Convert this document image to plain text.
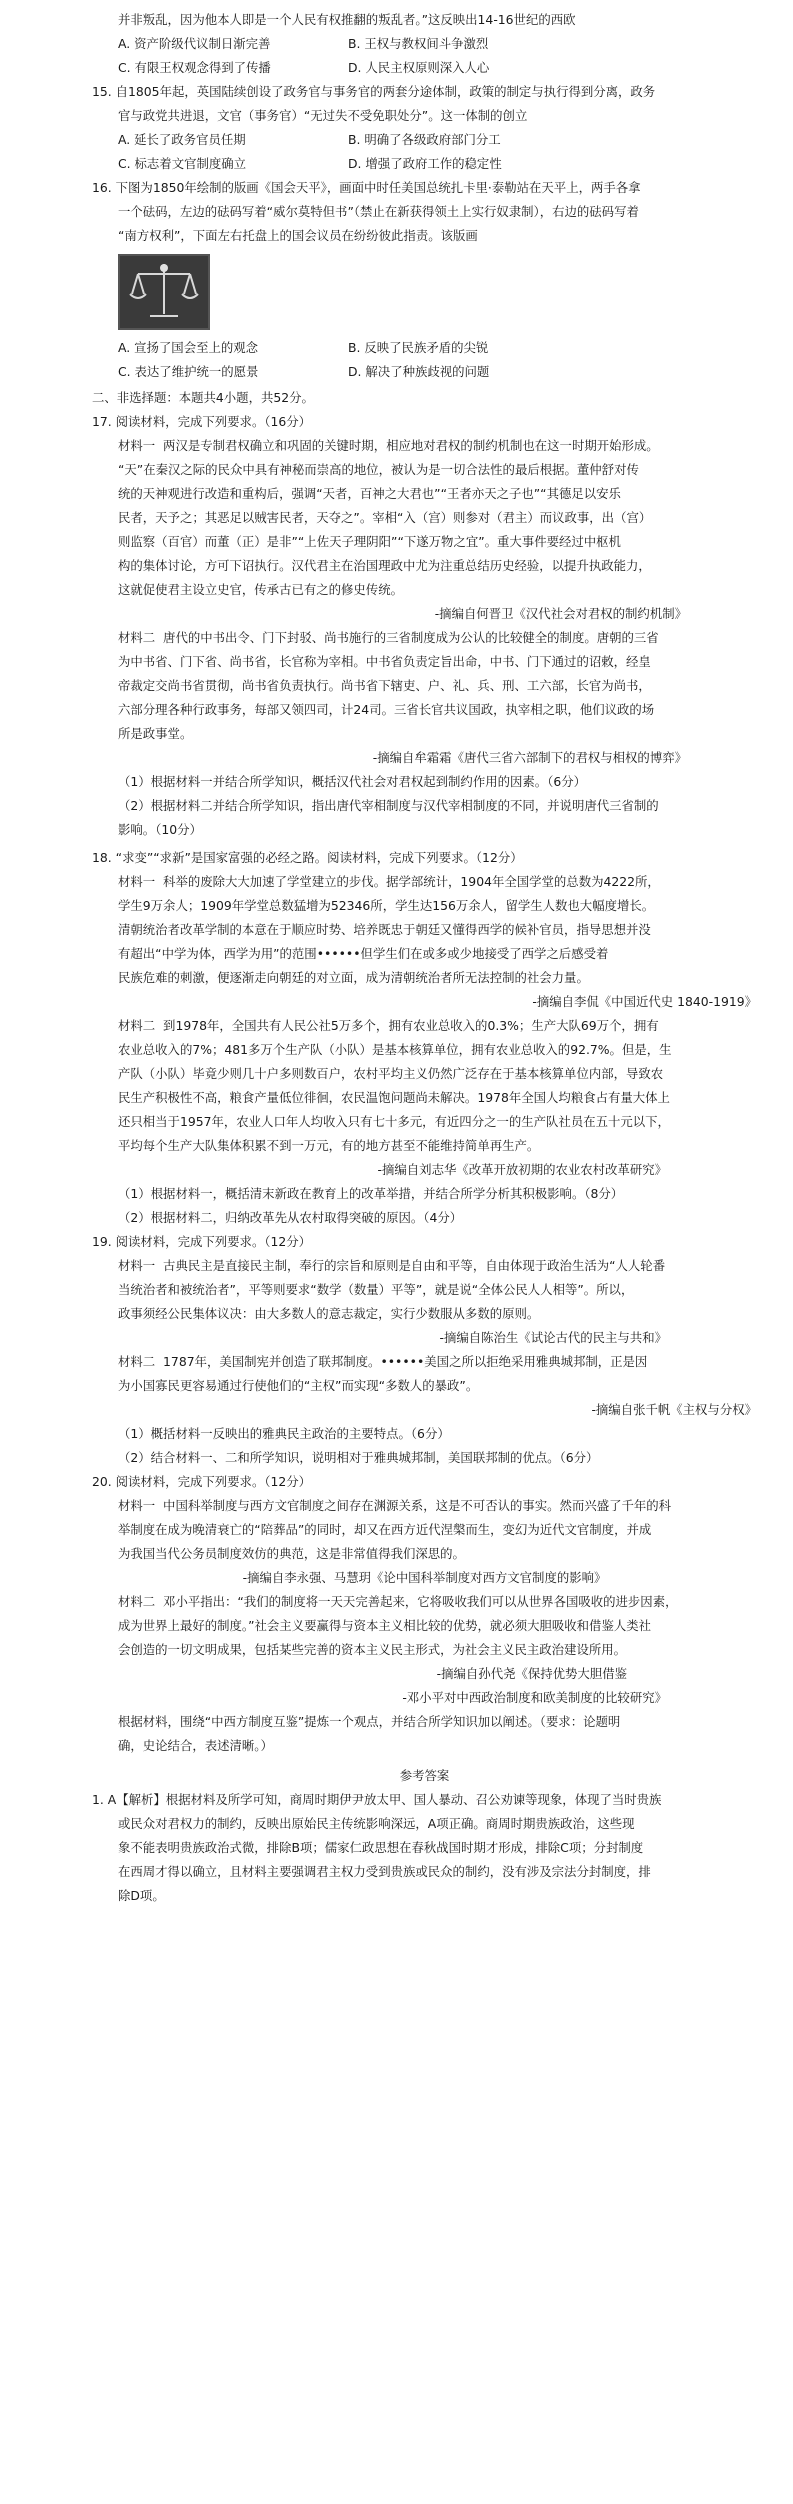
并非叛乱，因为他本人即是一个人民有权推翻的叛乱者。”这反映出14-16世纪的西欧

A. 资产阶级代议制日渐完善	B. 王权与教权间斗争激烈
C. 有限王权观念得到了传播	D. 人民主权原则深入人心

15. 自1805年起，英国陆续创设了政务官与事务官的两套分途体制，政策的制定与执行得到分离，政务

官与政党共进退，文官（事务官）“无过失不受免职处分”。这一体制的创立

A. 延长了政务官员任期	B. 明确了各级政府部门分工
C. 标志着文官制度确立	D. 增强了政府工作的稳定性

16. 下图为1850年绘制的版画《国会天平》，画面中时任美国总统扎卡里·泰勒站在天平上，两手各拿

一个砝码，左边的砝码写着“威尔莫特但书”（禁止在新获得领土上实行奴隶制），右边的砝码写着

“南方权利”，下面左右托盘上的国会议员在纷纷彼此指责。该版画

A. 宣扬了国会至上的观念	B. 反映了民族矛盾的尖锐
C. 表达了维护统一的愿景	D. 解决了种族歧视的问题

二、非选择题：本题共4小题，共52分。

17. 阅读材料，完成下列要求。（16分）

材料一  两汉是专制君权确立和巩固的关键时期，相应地对君权的制约机制也在这一时期开始形成。

“天”在秦汉之际的民众中具有神秘而崇高的地位，被认为是一切合法性的最后根据。董仲舒对传

统的天神观进行改造和重构后，强调“天者，百神之大君也”“王者亦天之子也”“其德足以安乐

民者，天予之；其恶足以贼害民者，天夺之”。宰相“入（宫）则参对（君主）而议政事，出（宫）

则监察（百官）而董（正）是非”“上佐天子理阴阳”“下遂万物之宜”。重大事件要经过中枢机

构的集体讨论，方可下诏执行。汉代君主在治国理政中尤为注重总结历史经验，以提升执政能力，

这就促使君主设立史官，传承古已有之的修史传统。

-摘编自何晋卫《汉代社会对君权的制约机制》

材料二  唐代的中书出令、门下封驳、尚书施行的三省制度成为公认的比较健全的制度。唐朝的三省

为中书省、门下省、尚书省，长官称为宰相。中书省负责定旨出命，中书、门下通过的诏敕，经皇

帝裁定交尚书省贯彻，尚书省负责执行。尚书省下辖吏、户、礼、兵、刑、工六部，长官为尚书，

六部分理各种行政事务，每部又领四司，计24司。三省长官共议国政，执宰相之职，他们议政的场

所是政事堂。

-摘编自牟霜霜《唐代三省六部制下的君权与相权的博弈》

（1）根据材料一并结合所学知识，概括汉代社会对君权起到制约作用的因素。（6分）

（2）根据材料二并结合所学知识，指出唐代宰相制度与汉代宰相制度的不同，并说明唐代三省制的

影响。（10分）

18. “求变”“求新”是国家富强的必经之路。阅读材料，完成下列要求。（12分）

材料一  科举的废除大大加速了学堂建立的步伐。据学部统计，1904年全国学堂的总数为4222所，

学生9万余人；1909年学堂总数猛增为52346所，学生达156万余人，留学生人数也大幅度增长。

清朝统治者改革学制的本意在于顺应时势、培养既忠于朝廷又懂得西学的候补官员，指导思想并没

有超出“中学为体，西学为用”的范围••••••但学生们在或多或少地接受了西学之后感受着

民族危难的刺激，便逐渐走向朝廷的对立面，成为清朝统治者所无法控制的社会力量。

-摘编自李侃《中国近代史 1840-1919》

材料二  到1978年，全国共有人民公社5万多个，拥有农业总收入的0.3%；生产大队69万个，拥有

农业总收入的7%；481多万个生产队（小队）是基本核算单位，拥有农业总收入的92.7%。但是，生

产队（小队）毕竟少则几十户多则数百户，农村平均主义仍然广泛存在于基本核算单位内部，导致农

民生产积极性不高，粮食产量低位徘徊，农民温饱问题尚未解决。1978年全国人均粮食占有量大体上

还只相当于1957年，农业人口年人均收入只有七十多元，有近四分之一的生产队社员在五十元以下，

平均每个生产大队集体积累不到一万元，有的地方甚至不能维持简单再生产。

-摘编自刘志华《改革开放初期的农业农村改革研究》

（1）根据材料一，概括清末新政在教育上的改革举措，并结合所学分析其积极影响。（8分）

（2）根据材料二，归纳改革先从农村取得突破的原因。（4分）

19. 阅读材料，完成下列要求。（12分）

材料一  古典民主是直接民主制，奉行的宗旨和原则是自由和平等，自由体现于政治生活为“人人轮番

当统治者和被统治者”，平等则要求“数学（数量）平等”，就是说“全体公民人人相等”。所以，

政事须经公民集体议决：由大多数人的意志裁定，实行少数服从多数的原则。

-摘编自陈治生《试论古代的民主与共和》

材料二  1787年，美国制宪并创造了联邦制度。••••••美国之所以拒绝采用雅典城邦制，正是因

为小国寡民更容易通过行使他们的“主权”而实现“多数人的暴政”。

-摘编自张千帆《主权与分权》

（1）概括材料一反映出的雅典民主政治的主要特点。（6分）

（2）结合材料一、二和所学知识，说明相对于雅典城邦制，美国联邦制的优点。（6分）

20. 阅读材料，完成下列要求。（12分）

材料一  中国科举制度与西方文官制度之间存在渊源关系，这是不可否认的事实。然而兴盛了千年的科

举制度在成为晚清衰亡的“陪葬品”的同时，却又在西方近代涅槃而生，变幻为近代文官制度，并成

为我国当代公务员制度效仿的典范，这是非常值得我们深思的。

-摘编自李永强、马慧玥《论中国科举制度对西方文官制度的影响》

材料二  邓小平指出：“我们的制度将一天天完善起来，它将吸收我们可以从世界各国吸收的进步因素，

成为世界上最好的制度。”社会主义要赢得与资本主义相比较的优势，就必须大胆吸收和借鉴人类社

会创造的一切文明成果，包括某些完善的资本主义民主形式，为社会主义民主政治建设所用。

-摘编自孙代尧《保持优势大胆借鉴

-邓小平对中西政治制度和欧美制度的比较研究》

根据材料，围绕“中西方制度互鉴”提炼一个观点，并结合所学知识加以阐述。（要求：论题明

确，史论结合，表述清晰。）

参考答案

1. A【解析】根据材料及所学可知，商周时期伊尹放太甲、国人暴动、召公劝谏等现象，体现了当时贵族

或民众对君权力的制约，反映出原始民主传统影响深远，A项正确。商周时期贵族政治，这些现

象不能表明贵族政治式微，排除B项；儒家仁政思想在春秋战国时期才形成，排除C项；分封制度

在西周才得以确立，且材料主要强调君主权力受到贵族或民众的制约，没有涉及宗法分封制度，排

除D项。
